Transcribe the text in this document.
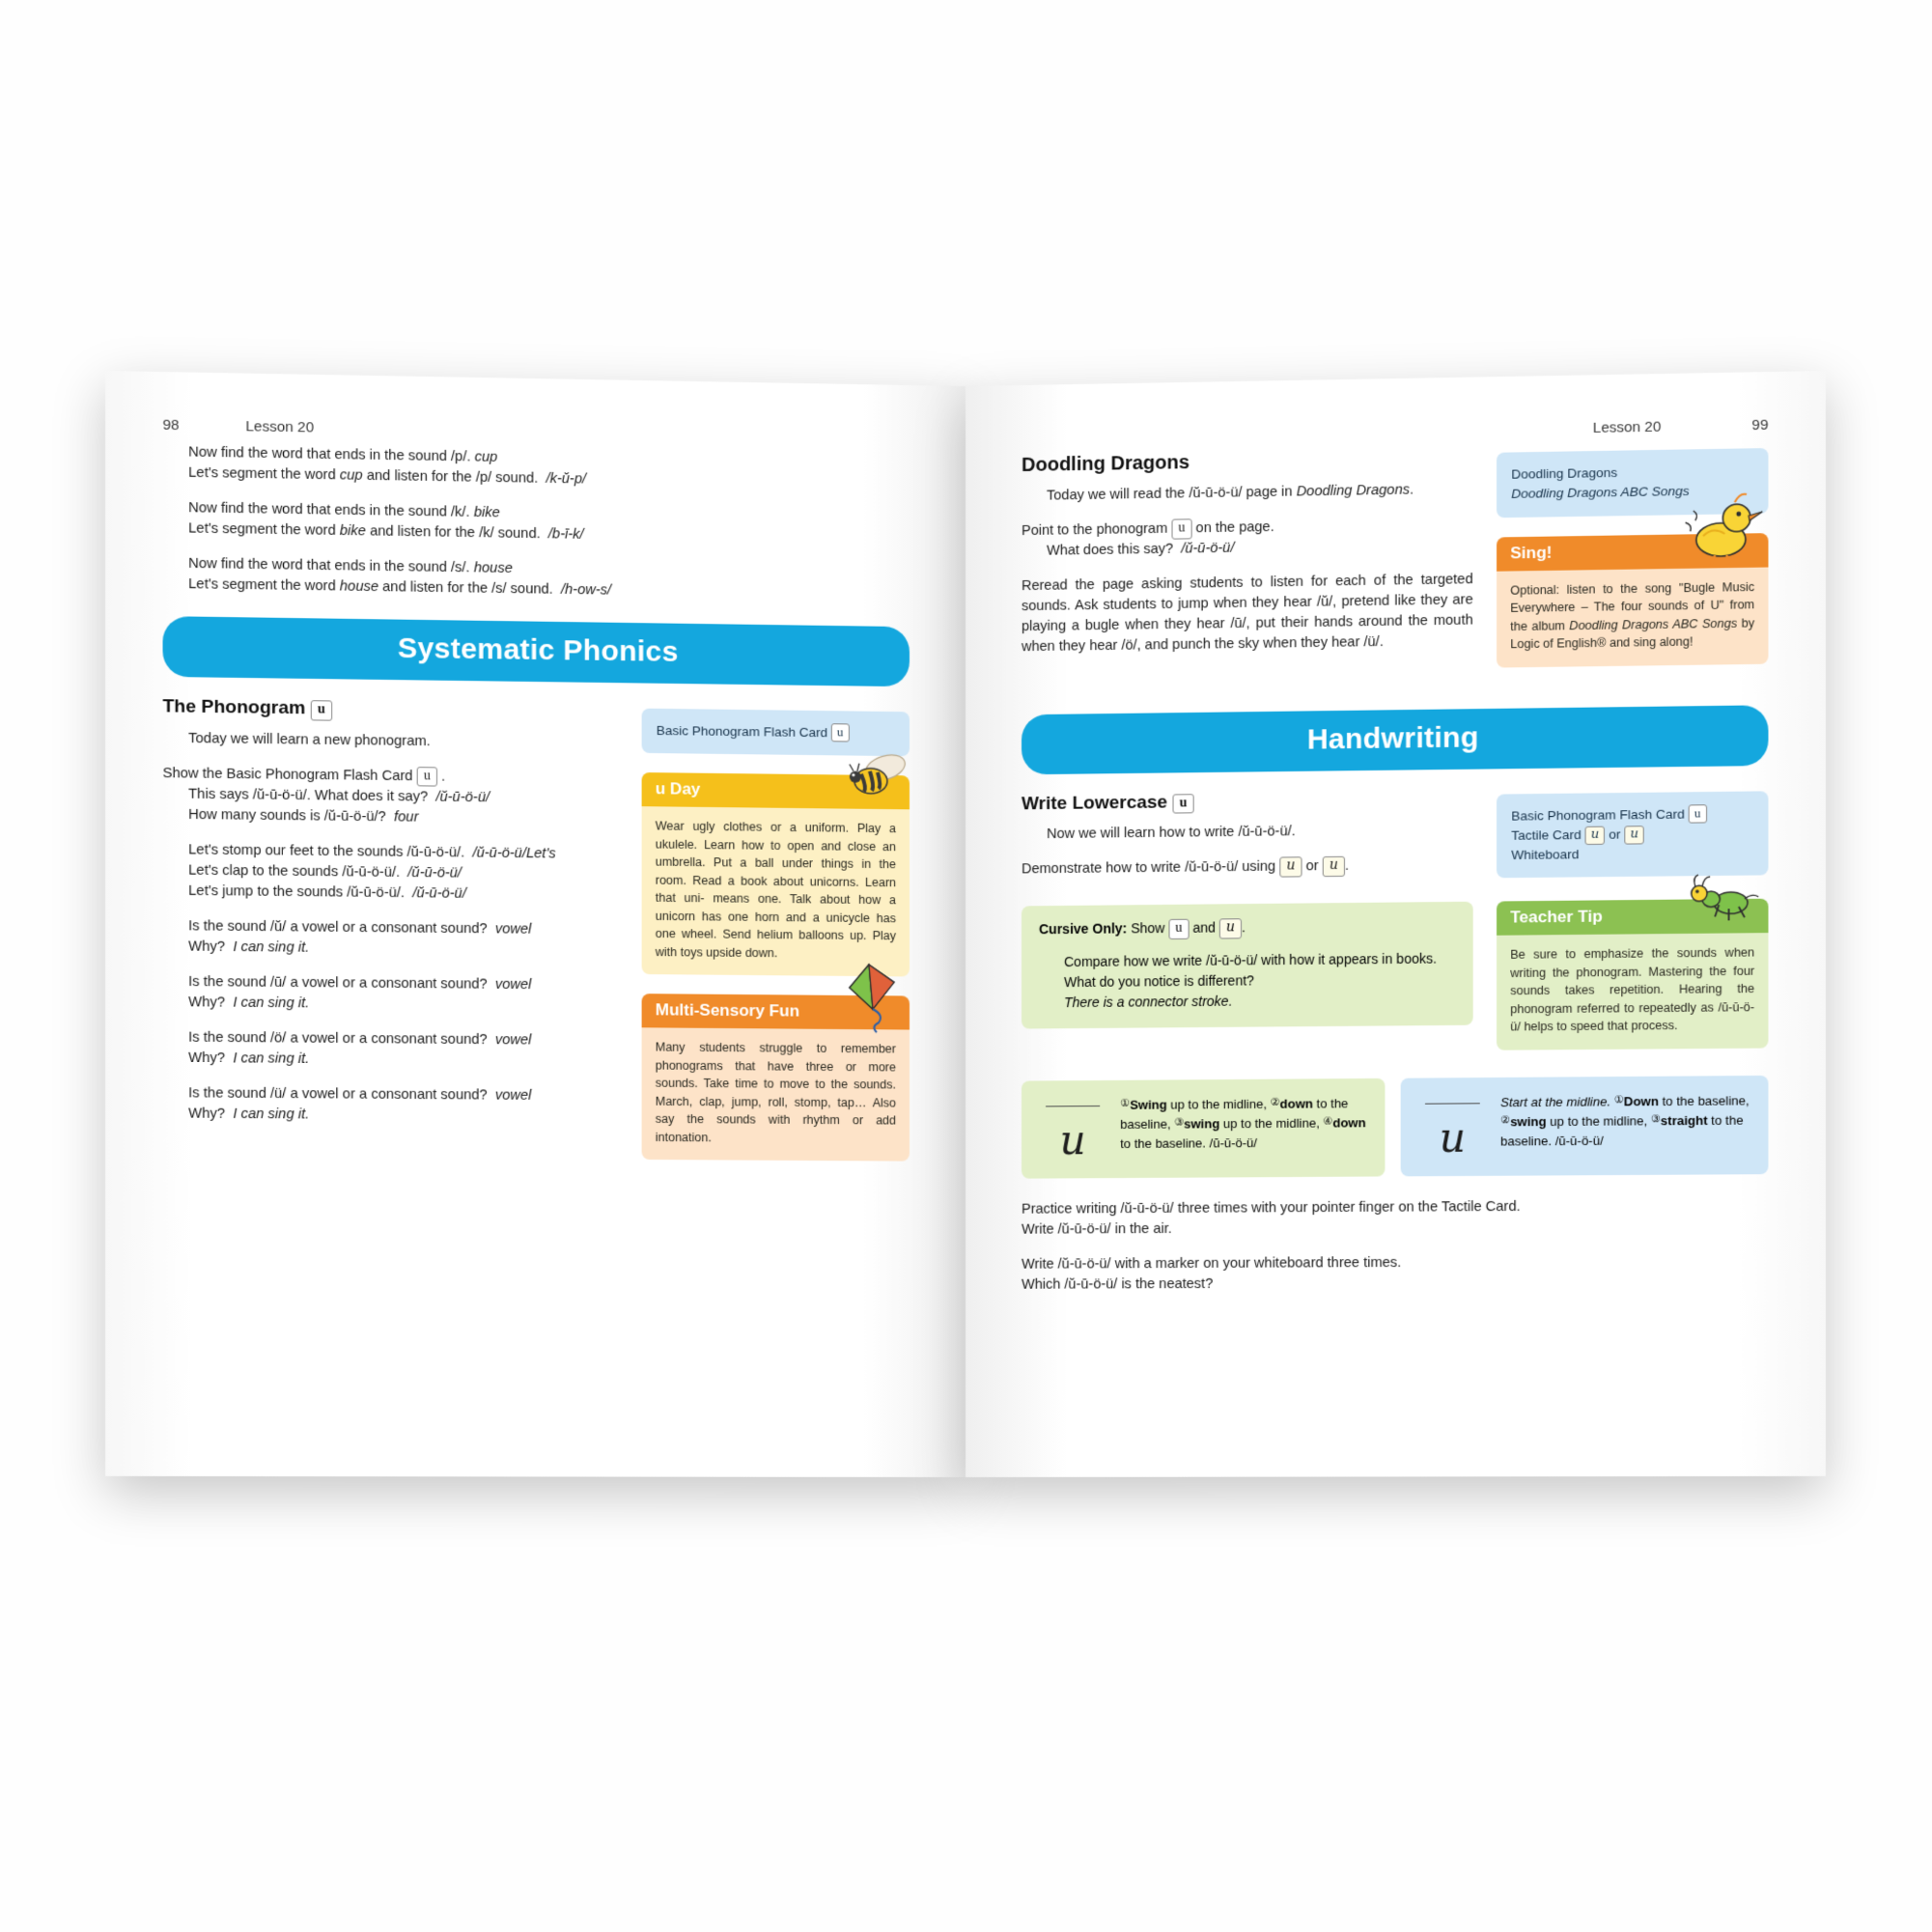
98	Lesson 20
Now find the word that ends in the sound /p/. cup
Let's segment the word cup and listen for the /p/ sound. /k-ŭ-p/
Now find the word that ends in the sound /k/. bike
Let's segment the word bike and listen for the /k/ sound. /b-ī-k/
Now find the word that ends in the sound /s/. house
Let's segment the word house and listen for the /s/ sound. /h-ow-s/
Systematic Phonics
The Phonogram u
Today we will learn a new phonogram.
Show the Basic Phonogram Flash Card u .
This says /ŭ-ū-ö-ü/. What does it say? /ŭ-ū-ö-ü/
How many sounds is /ŭ-ū-ö-ü/? four
Let's stomp our feet to the sounds /ŭ-ū-ö-ü/. /ŭ-ū-ö-ü/Let's
Let's clap to the sounds /ŭ-ū-ö-ü/. /ŭ-ū-ö-ü/
Let's jump to the sounds /ŭ-ū-ö-ü/. /ŭ-ū-ö-ü/
Is the sound /ŭ/ a vowel or a consonant sound? vowel
Why? I can sing it.
Is the sound /ū/ a vowel or a consonant sound? vowel
Why? I can sing it.
Is the sound /ö/ a vowel or a consonant sound? vowel
Why? I can sing it.
Is the sound /ü/ a vowel or a consonant sound? vowel
Why? I can sing it.
Basic Phonogram Flash Card u
u Day
Wear ugly clothes or a uniform. Play a ukulele. Learn how to open and close an umbrella. Put a ball under things in the room. Read a book about unicorns. Learn that uni- means one. Talk about how a unicorn has one horn and a unicycle has one wheel. Send helium balloons up. Play with toys upside down.
Multi-Sensory Fun
Many students struggle to remember phonograms that have three or more sounds. Take time to move to the sounds. March, clap, jump, roll, stomp, tap… Also say the sounds with rhythm or add intonation.
Lesson 20	99
Doodling Dragons
Today we will read the /ŭ-ū-ö-ü/ page in Doodling Dragons.
Point to the phonogram u on the page.
What does this say? /ŭ-ū-ö-ü/
Reread the page asking students to listen for each of the targeted sounds. Ask students to jump when they hear /ŭ/, pretend like they are playing a bugle when they hear /ū/, put their hands around the mouth when they hear /ö/, and punch the sky when they hear /ü/.
Doodling Dragons
Doodling Dragons ABC Songs
Sing!
Optional: listen to the song "Bugle Music Everywhere – The four sounds of U" from the album Doodling Dragons ABC Songs by Logic of English® and sing along!
Handwriting
Write Lowercase u
Now we will learn how to write /ŭ-ū-ö-ü/.
Demonstrate how to write /ŭ-ū-ö-ü/ using u or u .
Basic Phonogram Flash Card u
Tactile Card u or u
Whiteboard
Cursive Only: Show u and u .
Compare how we write /ŭ-ū-ö-ü/ with how it appears in books. What do you notice is different?
There is a connector stroke.
Teacher Tip
Be sure to emphasize the sounds when writing the phonogram. Mastering the four sounds takes repetition. Hearing the phonogram referred to repeatedly as /ŭ-ū-ö-ü/ helps to speed that process.
u
①Swing up to the midline, ②down to the baseline, ③swing up to the midline, ④down to the baseline. /ŭ-ū-ö-ü/	u
Start at the midline. ①Down to the baseline, ②swing up to the midline, ③straight to the baseline. /ŭ-ū-ö-ü/
Practice writing /ŭ-ū-ö-ü/ three times with your pointer finger on the Tactile Card.
Write /ŭ-ū-ö-ü/ in the air.
Write /ŭ-ū-ö-ü/ with a marker on your whiteboard three times.
Which /ŭ-ū-ö-ü/ is the neatest?
